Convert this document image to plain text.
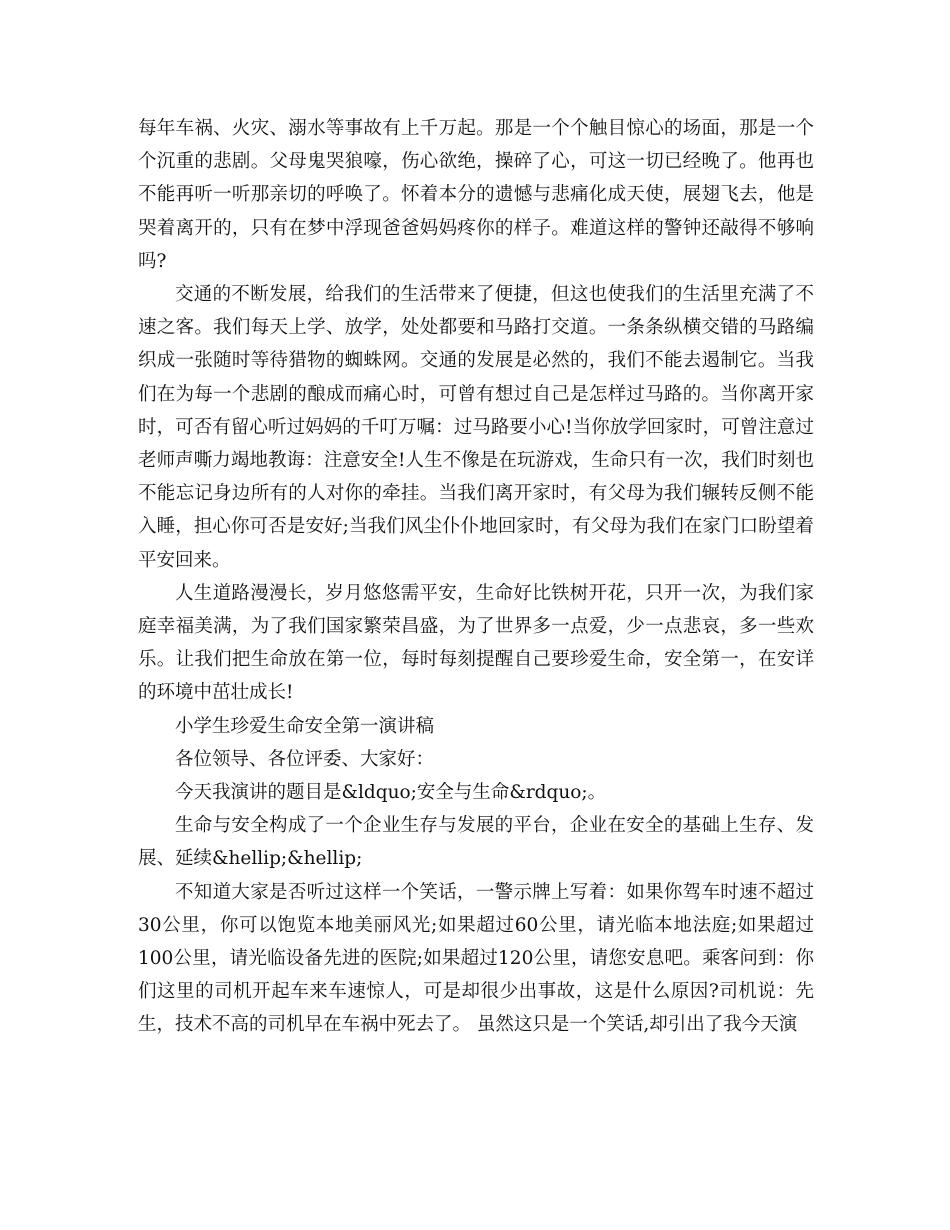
每年车祸、火灾、溺水等事故有上千万起。那是一个个触目惊心的场面，那是一个个沉重的悲剧。父母鬼哭狼嚎，伤心欲绝，操碎了心，可这一切已经晚了。他再也不能再听一听那亲切的呼唤了。怀着本分的遗憾与悲痛化成天使，展翅飞去，他是哭着离开的，只有在梦中浮现爸爸妈妈疼你的样子。难道这样的警钟还敲得不够响吗?

交通的不断发展，给我们的生活带来了便捷，但这也使我们的生活里充满了不速之客。我们每天上学、放学，处处都要和马路打交道。一条条纵横交错的马路编织成一张随时等待猎物的蜘蛛网。交通的发展是必然的，我们不能去遏制它。当我们在为每一个悲剧的酿成而痛心时，可曾有想过自己是怎样过马路的。当你离开家时，可否有留心听过妈妈的千叮万嘱：过马路要小心!当你放学回家时，可曾注意过老师声嘶力竭地教诲：注意安全!人生不像是在玩游戏，生命只有一次，我们时刻也不能忘记身边所有的人对你的牵挂。当我们离开家时，有父母为我们辗转反侧不能入睡，担心你可否是安好;当我们风尘仆仆地回家时，有父母为我们在家门口盼望着平安回来。

人生道路漫漫长，岁月悠悠需平安，生命好比铁树开花，只开一次，为我们家庭幸福美满，为了我们国家繁荣昌盛，为了世界多一点爱，少一点悲哀，多一些欢乐。让我们把生命放在第一位，每时每刻提醒自己要珍爱生命，安全第一，在安详的环境中茁壮成长!

小学生珍爱生命安全第一演讲稿

各位领导、各位评委、大家好：

今天我演讲的题目是&ldquo;安全与生命&rdquo;。

生命与安全构成了一个企业生存与发展的平台，企业在安全的基础上生存、发展、延续&hellip;&hellip;

不知道大家是否听过这样一个笑话，一警示牌上写着：如果你驾车时速不超过30公里，你可以饱览本地美丽风光;如果超过60公里，请光临本地法庭;如果超过100公里，请光临设备先进的医院;如果超过120公里，请您安息吧。乘客问到：你们这里的司机开起车来车速惊人，可是却很少出事故，这是什么原因?司机说：先生，技术不高的司机早在车祸中死去了。 虽然这只是一个笑话,却引出了我今天演
